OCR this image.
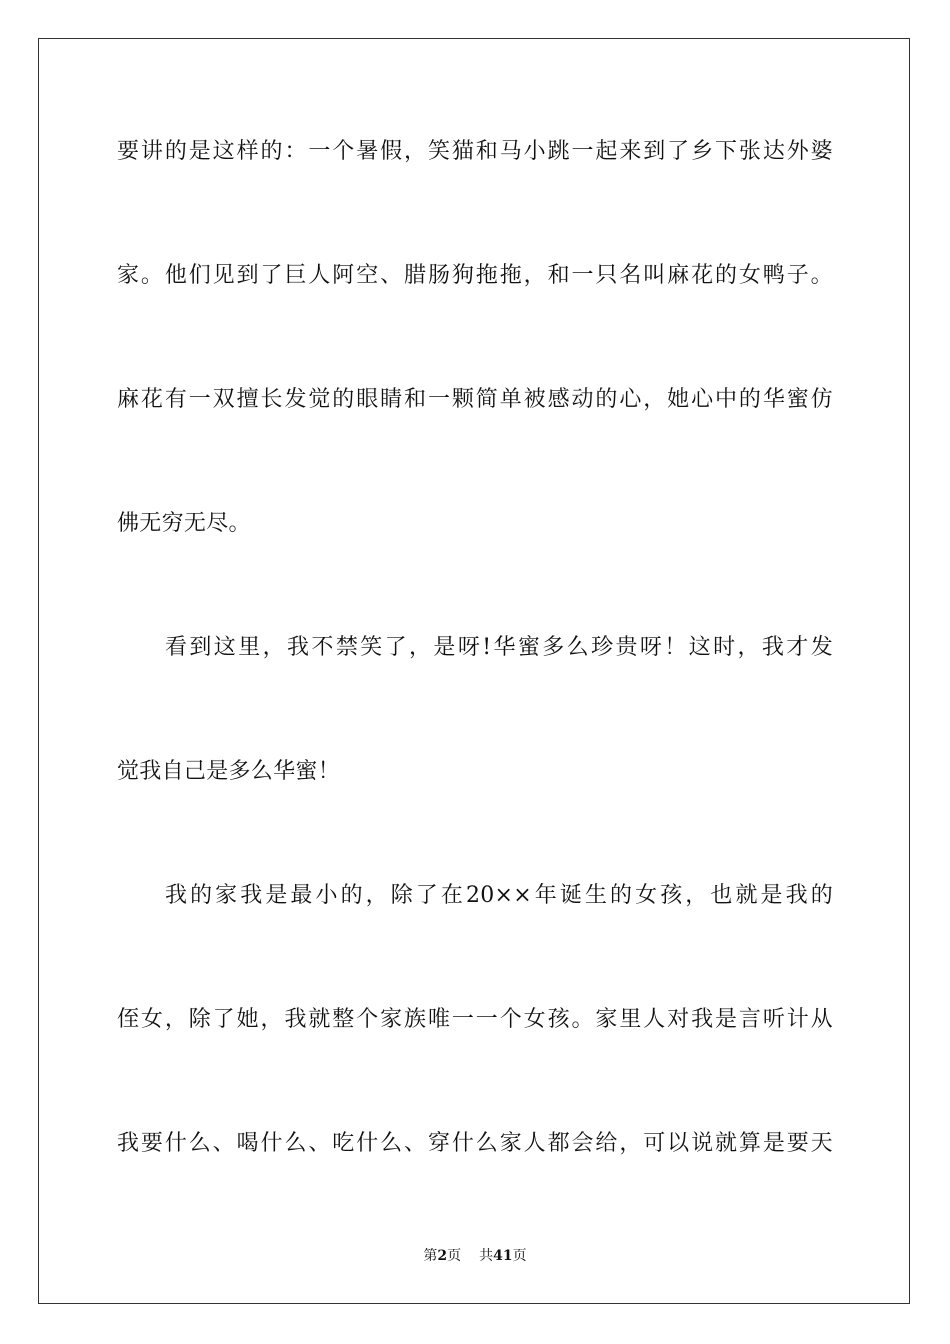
要讲的是这样的：一个暑假，笑猫和马小跳一起来到了乡下张达外婆
家。他们见到了巨人阿空、腊肠狗拖拖，和一只名叫麻花的女鸭子。
麻花有一双擅长发觉的眼睛和一颗简单被感动的心，她心中的华蜜仿
佛无穷无尽。
看到这里，我不禁笑了，是呀!华蜜多么珍贵呀！这时，我才发
觉我自己是多么华蜜！
我的家我是最小的，除了在20××年诞生的女孩，也就是我的
侄女，除了她，我就整个家族唯一一个女孩。家里人对我是言听计从
我要什么、喝什么、吃什么、穿什么家人都会给，可以说就算是要天
第2页 共41页
